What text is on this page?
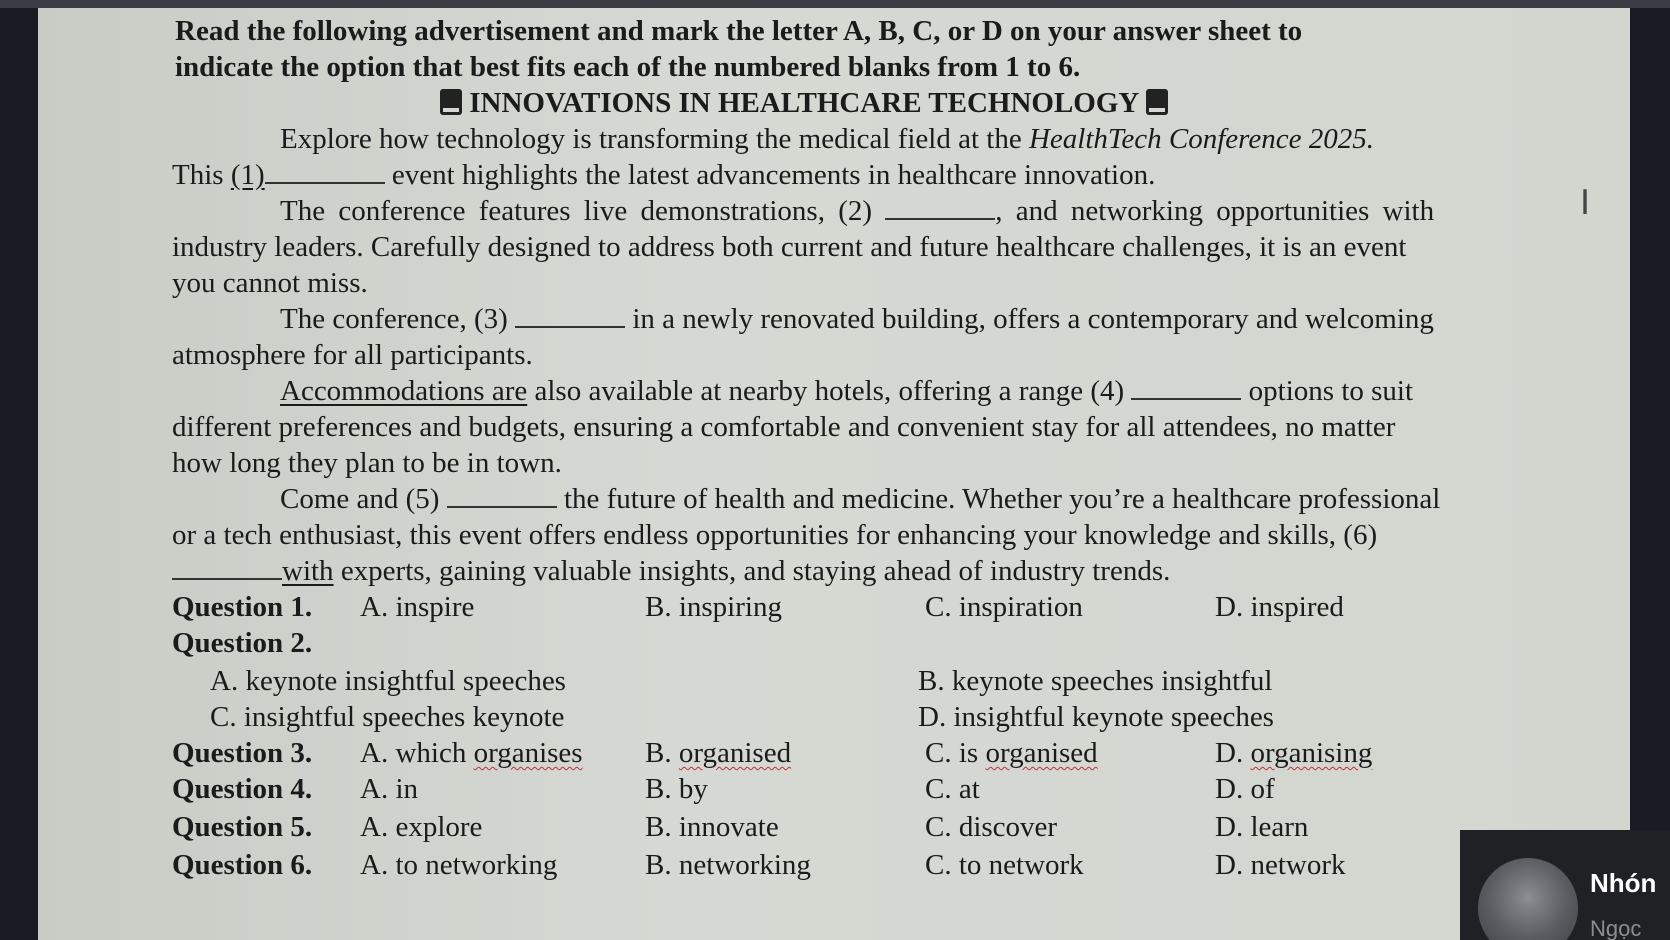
Read the following advertisement and mark the letter A, B, C, or D on your answer sheet to
indicate the option that best fits each of the numbered blanks from 1 to 6.
INNOVATIONS IN HEALTHCARE TECHNOLOGY
Explore how technology is transforming the medical field at the HealthTech Conference 2025.
This (1)	event highlights the latest advancements in healthcare innovation.
The conference features live demonstrations, (2)	, and networking opportunities with
industry leaders. Carefully designed to address both current and future healthcare challenges, it is an event
you cannot miss.
The conference, (3)	in a newly renovated building, offers a contemporary and welcoming
atmosphere for all participants.
Accommodations are also available at nearby hotels, offering a range (4)	options to suit
different preferences and budgets, ensuring a comfortable and convenient stay for all attendees, no matter
how long they plan to be in town.
Come and (5)	the future of health and medicine. Whether you’re a healthcare professional
or a tech enthusiast, this event offers endless opportunities for enhancing your knowledge and skills, (6)
with experts, gaining valuable insights, and staying ahead of industry trends.
Question 1. A. inspire	B. inspiring	C. inspiration	D. inspired
Question 2.
A. keynote insightful speeches	B. keynote speeches insightful
C. insightful speeches keynote	D. insightful keynote speeches
Question 3. A. which organises B. organised	C. is organised	D. organising
Question 4. A. in	B. by	C. at	D. of
Question 5. A. explore	B. innovate	C. discover	D. learn
Question 6. A. to networking	B. networking	C. to network	D. network
I
Nhón
Ngọc
